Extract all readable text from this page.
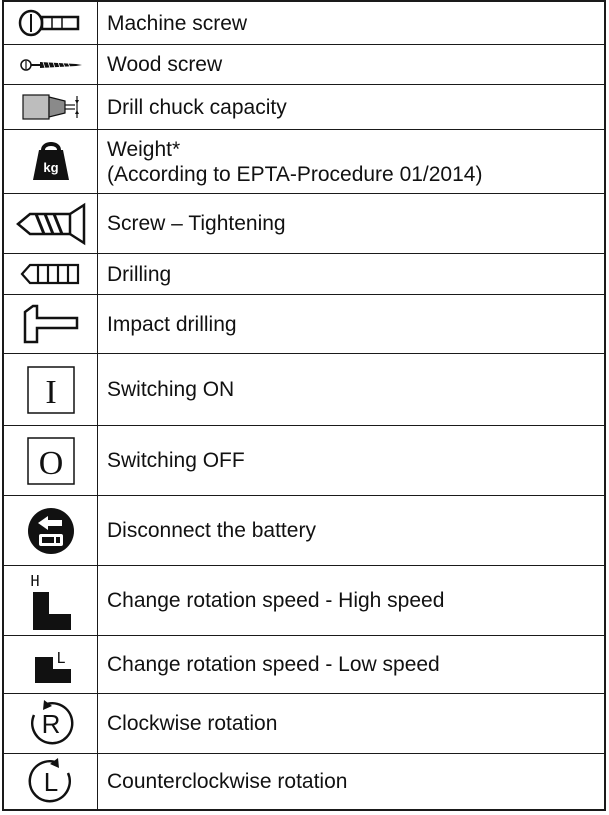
Machine screw
Wood screw
Drill chuck capacity
kg
Weight*
(According to EPTA-Procedure 01/2014)
Screw – Tightening
Drilling
Impact drilling
I Switching ON
O Switching OFF
Disconnect the battery
H
Change rotation speed - High speed
L Change rotation speed - Low speed
R Clockwise rotation
L Counterclockwise rotation
